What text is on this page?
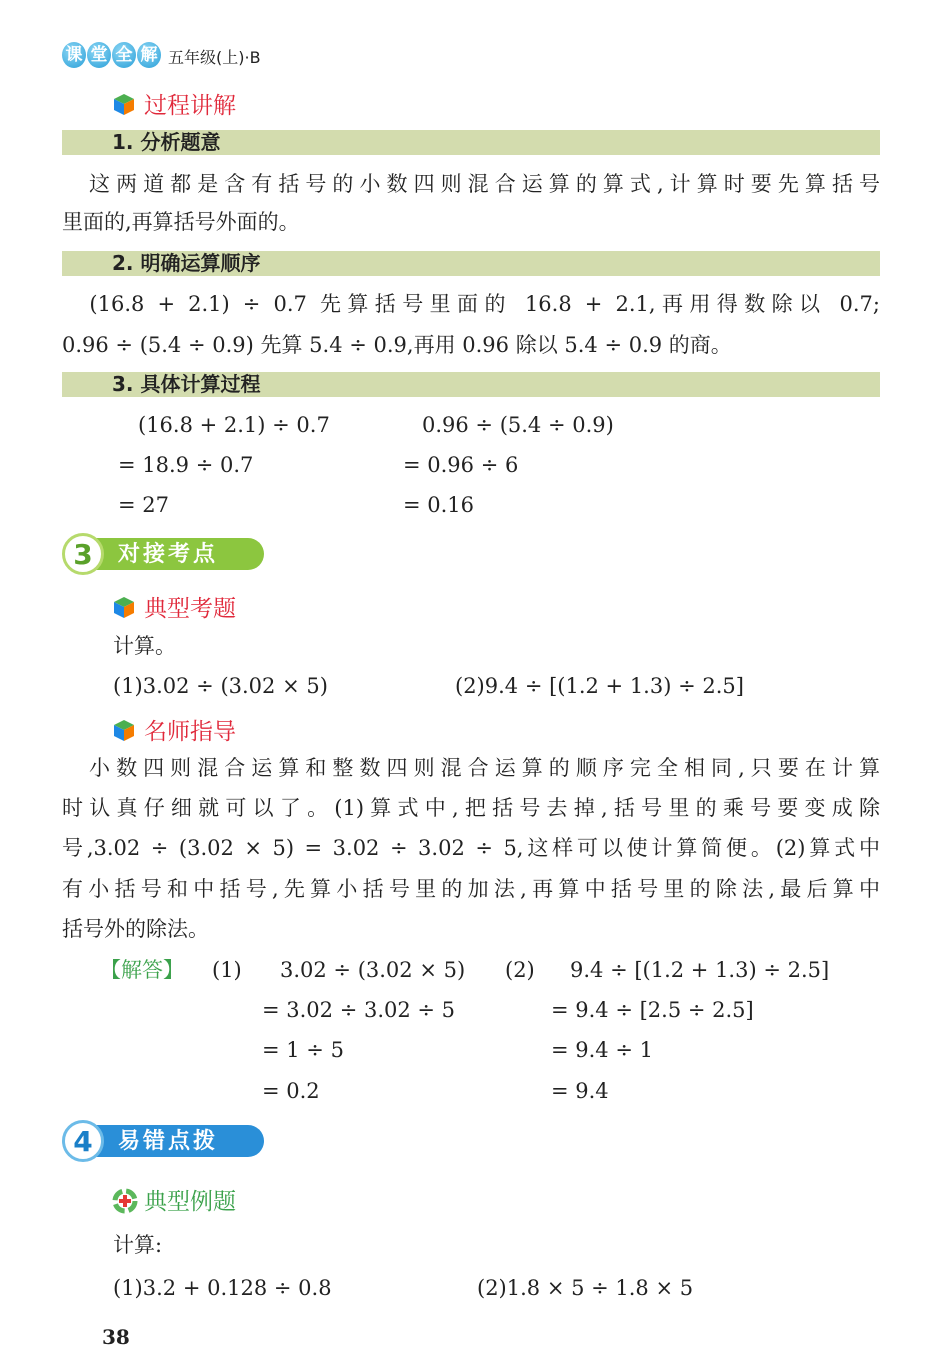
课 堂 全 解 五年级(上)·B
过程讲解
1. 分析题意
　这两道都是含有括号的小数四则混合运算的算式,计算时要先算括号
里面的,再算括号外面的。
2. 明确运算顺序
　(16.8 + 2.1) ÷ 0.7 先算括号里面的 16.8 + 2.1,再用得数除以 0.7;
0.96 ÷ (5.4 ÷ 0.9) 先算 5.4 ÷ 0.9,再用 0.96 除以 5.4 ÷ 0.9 的商。
3. 具体计算过程
(16.8 + 2.1) ÷ 0.7
= 18.9 ÷ 0.7
= 27
0.96 ÷ (5.4 ÷ 0.9)
= 0.96 ÷ 6
= 0.16
3	对接考点
典型考题
计算。
(1)3.02 ÷ (3.02 × 5)	(2)9.4 ÷ [(1.2 + 1.3) ÷ 2.5]
名师指导
　小数四则混合运算和整数四则混合运算的顺序完全相同,只要在计算
时认真仔细就可以了。(1)算式中,把括号去掉,括号里的乘号要变成除
号,3.02 ÷ (3.02 × 5) = 3.02 ÷ 3.02 ÷ 5,这样可以使计算简便。(2)算式中
有小括号和中括号,先算小括号里的加法,再算中括号里的除法,最后算中
括号外的除法。
【解答】	(1)	3.02 ÷ (3.02 × 5)
= 3.02 ÷ 3.02 ÷ 5
= 1 ÷ 5
= 0.2
(2)	9.4 ÷ [(1.2 + 1.3) ÷ 2.5]
= 9.4 ÷ [2.5 ÷ 2.5]
= 9.4 ÷ 1
= 9.4
4	易错点拨
典型例题
计算:
(1)3.2 + 0.128 ÷ 0.8	(2)1.8 × 5 ÷ 1.8 × 5
38
